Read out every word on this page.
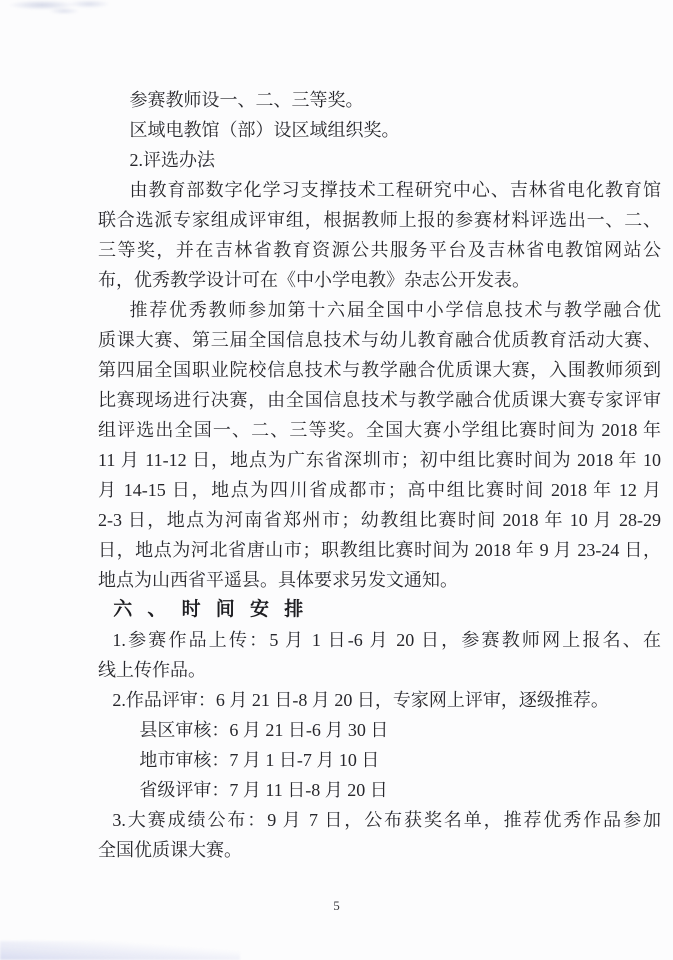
参赛教师设一、二、三等奖。
区域电教馆（部）设区域组织奖。
2.评选办法
由教育部数字化学习支撑技术工程研究中心、吉林省电化教育馆
联合选派专家组成评审组，根据教师上报的参赛材料评选出一、二、
三等奖，并在吉林省教育资源公共服务平台及吉林省电教馆网站公
布，优秀教学设计可在《中小学电教》杂志公开发表。
推荐优秀教师参加第十六届全国中小学信息技术与教学融合优
质课大赛、第三届全国信息技术与幼儿教育融合优质教育活动大赛、
第四届全国职业院校信息技术与教学融合优质课大赛，入围教师须到
比赛现场进行决赛，由全国信息技术与教学融合优质课大赛专家评审
组评选出全国一、二、三等奖。全国大赛小学组比赛时间为 2018 年
11 月 11-12 日，地点为广东省深圳市；初中组比赛时间为 2018 年 10
月 14-15 日，地点为四川省成都市；高中组比赛时间 2018 年 12 月
2-3 日，地点为河南省郑州市；幼教组比赛时间 2018 年 10 月 28-29
日，地点为河北省唐山市；职教组比赛时间为 2018 年 9 月 23-24 日，
地点为山西省平遥县。具体要求另发文通知。
六、时间安排
1.参赛作品上传：5 月 1 日-6 月 20 日，参赛教师网上报名、在
线上传作品。
2.作品评审：6 月 21 日-8 月 20 日，专家网上评审，逐级推荐。
县区审核：6 月 21 日-6 月 30 日
地市审核：7 月 1 日-7 月 10 日
省级评审：7 月 11 日-8 月 20 日
3.大赛成绩公布：9 月 7 日，公布获奖名单，推荐优秀作品参加
全国优质课大赛。
5
